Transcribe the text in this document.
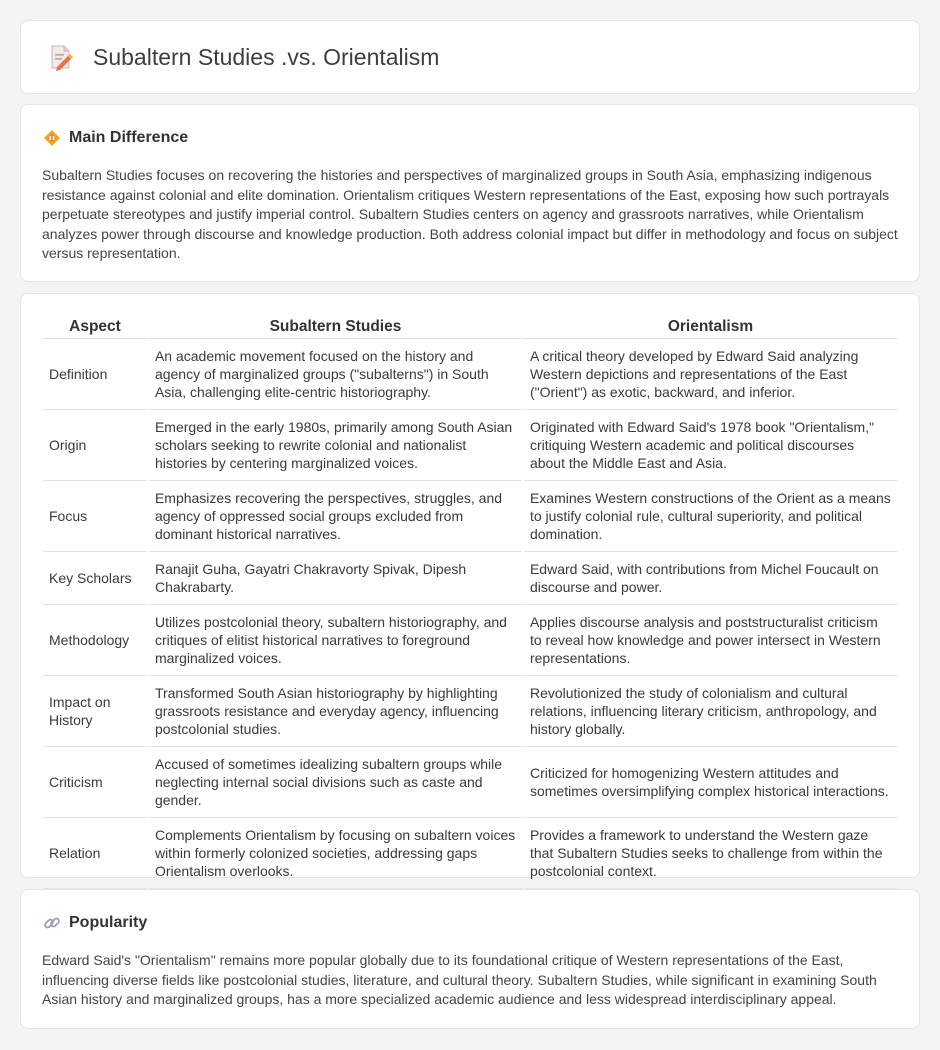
Subaltern Studies .vs. Orientalism
Main Difference

Subaltern Studies focuses on recovering the histories and perspectives of marginalized groups in South Asia, emphasizing indigenous resistance against colonial and elite domination. Orientalism critiques Western representations of the East, exposing how such portrayals perpetuate stereotypes and justify imperial control. Subaltern Studies centers on agency and grassroots narratives, while Orientalism analyzes power through discourse and knowledge production. Both address colonial impact but differ in methodology and focus on subject versus representation.

Aspect	Subaltern Studies	Orientalism
Definition	An academic movement focused on the history and agency of marginalized groups ("subalterns") in South Asia, challenging elite-centric historiography.	A critical theory developed by Edward Said analyzing Western depictions and representations of the East ("Orient") as exotic, backward, and inferior.
Origin	Emerged in the early 1980s, primarily among South Asian scholars seeking to rewrite colonial and nationalist histories by centering marginalized voices.	Originated with Edward Said's 1978 book "Orientalism," critiquing Western academic and political discourses about the Middle East and Asia.
Focus	Emphasizes recovering the perspectives, struggles, and agency of oppressed social groups excluded from dominant historical narratives.	Examines Western constructions of the Orient as a means to justify colonial rule, cultural superiority, and political domination.
Key Scholars	Ranajit Guha, Gayatri Chakravorty Spivak, Dipesh Chakrabarty.	Edward Said, with contributions from Michel Foucault on discourse and power.
Methodology	Utilizes postcolonial theory, subaltern historiography, and critiques of elitist historical narratives to foreground marginalized voices.	Applies discourse analysis and poststructuralist criticism to reveal how knowledge and power intersect in Western representations.
Impact on History	Transformed South Asian historiography by highlighting grassroots resistance and everyday agency, influencing postcolonial studies.	Revolutionized the study of colonialism and cultural relations, influencing literary criticism, anthropology, and history globally.
Criticism	Accused of sometimes idealizing subaltern groups while neglecting internal social divisions such as caste and gender.	Criticized for homogenizing Western attitudes and sometimes oversimplifying complex historical interactions.
Relation	Complements Orientalism by focusing on subaltern voices within formerly colonized societies, addressing gaps Orientalism overlooks.	Provides a framework to understand the Western gaze that Subaltern Studies seeks to challenge from within the postcolonial context.
Popularity

Edward Said's "Orientalism" remains more popular globally due to its foundational critique of Western representations of the East, influencing diverse fields like postcolonial studies, literature, and cultural theory. Subaltern Studies, while significant in examining South Asian history and marginalized groups, has a more specialized academic audience and less widespread interdisciplinary appeal.
